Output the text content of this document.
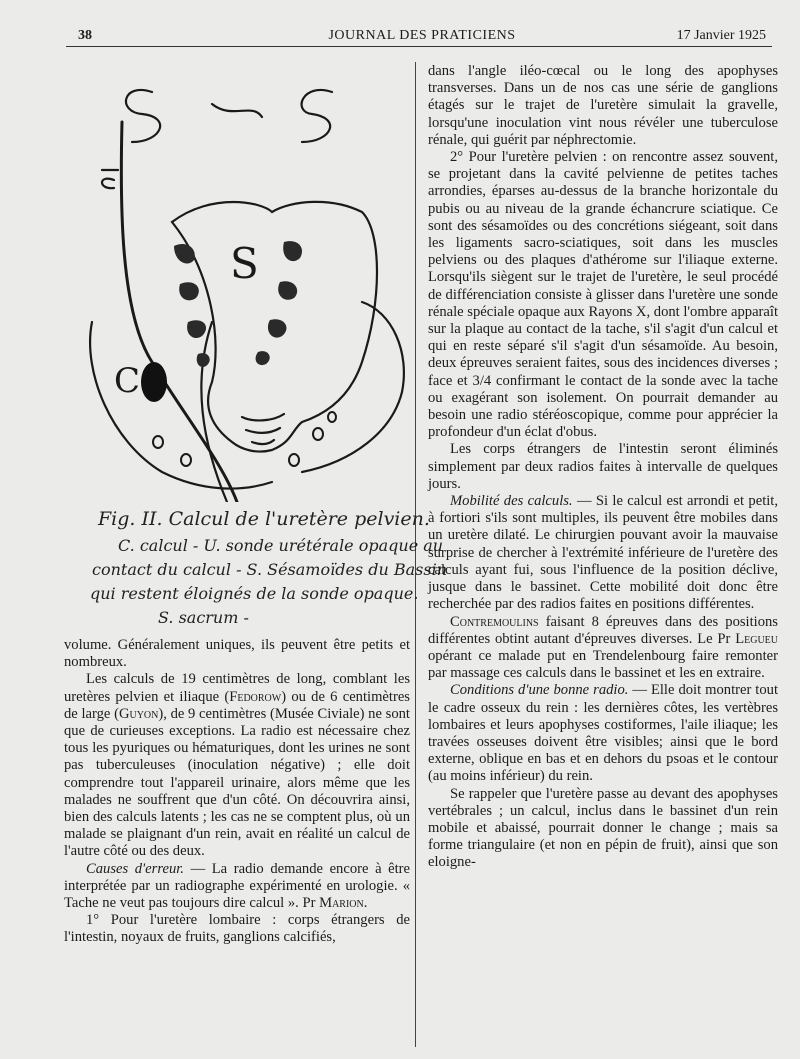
38	JOURNAL DES PRATICIENS	17 Janvier 1925
S
C
Fig. II. Calcul de l'uretère pelvien.
C. calcul - U. sonde urétérale opaque au
contact du calcul - S. Sésamoïdes du Bassin
qui restent éloignés de la sonde opaque.
S. sacrum -

volume. Généralement uniques, ils peuvent être petits et nombreux.

Les calculs de 19 centimètres de long, comblant les uretères pelvien et iliaque (Fedorow) ou de 6 centimètres de large (Guyon), de 9 centimètres (Musée Civiale) ne sont que de curieuses exceptions. La radio est nécessaire chez tous les pyuriques ou hématuriques, dont les urines ne sont pas tuberculeuses (inoculation négative) ; elle doit comprendre tout l'appareil urinaire, alors même que les malades ne souffrent que d'un côté. On découvrira ainsi, bien des calculs latents ; les cas ne se comptent plus, où un malade se plaignant d'un rein, avait en réalité un calcul de l'autre côté ou des deux.

Causes d'erreur. — La radio demande encore à être interprétée par un radiographe expérimenté en urologie. « Tache ne veut pas toujours dire calcul ». Pr Marion.

1° Pour l'uretère lombaire : corps étrangers de l'intestin, noyaux de fruits, ganglions calcifiés,

dans l'angle iléo-cœcal ou le long des apophyses transverses. Dans un de nos cas une série de ganglions étagés sur le trajet de l'uretère simulait la gravelle, lorsqu'une inoculation vint nous révéler une tuberculose rénale, qui guérit par néphrectomie.

2° Pour l'uretère pelvien : on rencontre assez souvent, se projetant dans la cavité pelvienne de petites taches arrondies, éparses au-dessus de la branche horizontale du pubis ou au niveau de la grande échancrure sciatique. Ce sont des sésamoïdes ou des concrétions siégeant, soit dans les ligaments sacro-sciatiques, soit dans les muscles pelviens ou des plaques d'athérome sur l'iliaque externe. Lorsqu'ils siègent sur le trajet de l'uretère, le seul procédé de différenciation consiste à glisser dans l'uretère une sonde rénale spéciale opaque aux Rayons X, dont l'ombre apparaît sur la plaque au contact de la tache, s'il s'agit d'un calcul et qui en reste séparé s'il s'agit d'un sésamoïde. Au besoin, deux épreuves seraient faites, sous des incidences diverses ; face et 3/4 confirmant le contact de la sonde avec la tache ou exagérant son isolement. On pourrait demander au besoin une radio stéréoscopique, comme pour apprécier la profondeur d'un éclat d'obus.

Les corps étrangers de l'intestin seront éliminés simplement par deux radios faites à intervalle de quelques jours.

Mobilité des calculs. — Si le calcul est arrondi et petit, à fortiori s'ils sont multiples, ils peuvent être mobiles dans un uretère dilaté. Le chirurgien pouvant avoir la mauvaise surprise de chercher à l'extrémité inférieure de l'uretère des calculs ayant fui, sous l'influence de la position déclive, jusque dans le bassinet. Cette mobilité doit donc être recherchée par des radios faites en positions différentes.

Contremoulins faisant 8 épreuves dans des positions différentes obtint autant d'épreuves diverses. Le Pr Legueu opérant ce malade put en Trendelenbourg faire remonter par massage ces calculs dans le bassinet et les en extraire.

Conditions d'une bonne radio. — Elle doit montrer tout le cadre osseux du rein : les dernières côtes, les vertèbres lombaires et leurs apophyses costiformes, l'aile iliaque; les travées osseuses doivent être visibles; ainsi que le bord externe, oblique en bas et en dehors du psoas et le contour (au moins inférieur) du rein.

Se rappeler que l'uretère passe au devant des apophyses vertébrales ; un calcul, inclus dans le bassinet d'un rein mobile et abaissé, pourrait donner le change ; mais sa forme triangulaire (et non en pépin de fruit), ainsi que son eloigne-
